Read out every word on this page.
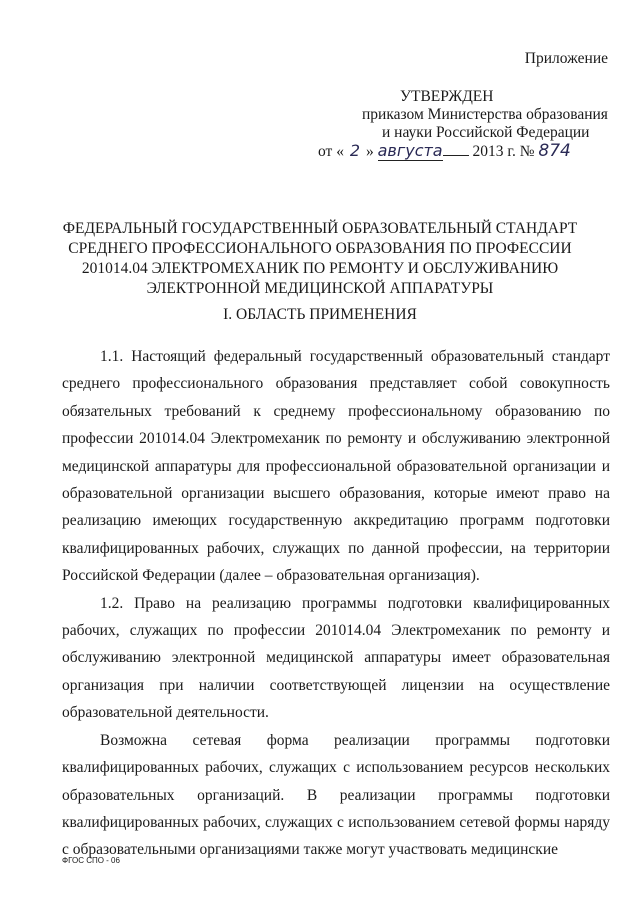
Приложение
УТВЕРЖДЕН
приказом Министерства образования
и науки Российской Федерации
от « 2 » августа 2013 г. № 874
ФЕДЕРАЛЬНЫЙ ГОСУДАРСТВЕННЫЙ ОБРАЗОВАТЕЛЬНЫЙ СТАНДАРТ
СРЕДНЕГО ПРОФЕССИОНАЛЬНОГО ОБРАЗОВАНИЯ ПО ПРОФЕССИИ
201014.04 ЭЛЕКТРОМЕХАНИК ПО РЕМОНТУ И ОБСЛУЖИВАНИЮ
ЭЛЕКТРОННОЙ МЕДИЦИНСКОЙ АППАРАТУРЫ
I. ОБЛАСТЬ ПРИМЕНЕНИЯ

1.1. Настоящий федеральный государственный образовательный стандарт среднего профессионального образования представляет собой совокупность обязательных требований к среднему профессиональному образованию по профессии 201014.04 Электромеханик по ремонту и обслуживанию электронной медицинской аппаратуры для профессиональной образовательной организации и образовательной организации высшего образования, которые имеют право на реализацию имеющих государственную аккредитацию программ подготовки квалифицированных рабочих, служащих по данной профессии, на территории Российской Федерации (далее – образовательная организация).

1.2. Право на реализацию программы подготовки квалифицированных рабочих, служащих по профессии 201014.04 Электромеханик по ремонту и обслуживанию электронной медицинской аппаратуры имеет образовательная организация при наличии соответствующей лицензии на осуществление образовательной деятельности.

Возможна сетевая форма реализации программы подготовки квалифицированных рабочих, служащих с использованием ресурсов нескольких образовательных организаций. В реализации программы подготовки квалифицированных рабочих, служащих с использованием сетевой формы наряду с образовательными организациями также могут участвовать медицинские

ФГОС СПО - 06
